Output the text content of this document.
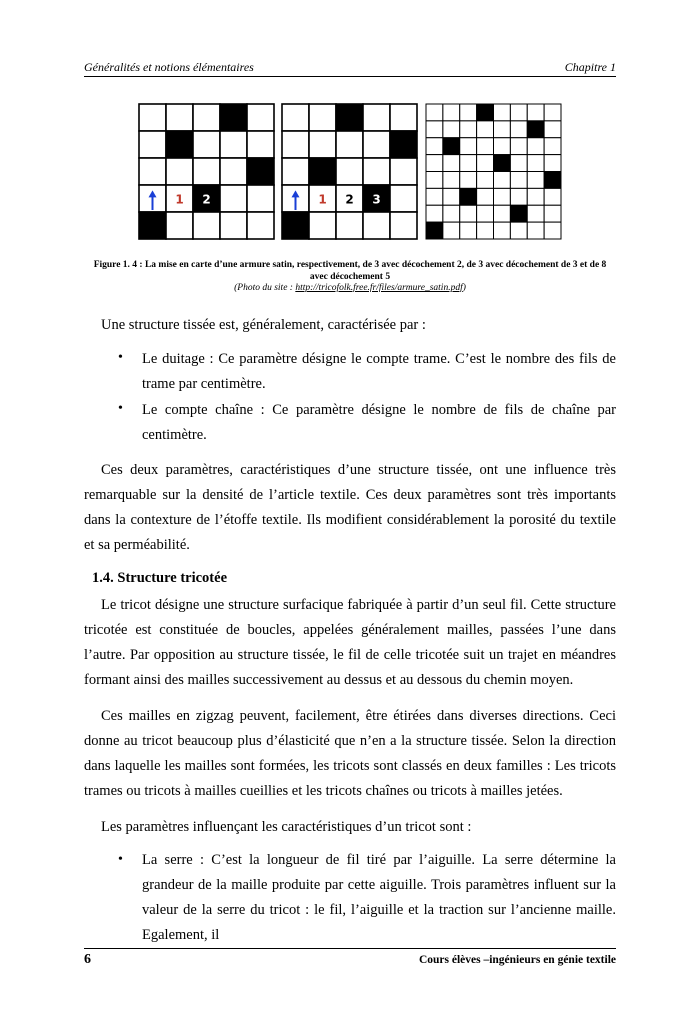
Généralités et notions élémentaires	Chapitre 1
1 2	1 2 3
Figure 1. 4 : La mise en carte d’une armure satin, respectivement, de 3 avec décochement 2, de 3 avec décochement de 3 et de 8 avec décochement 5
(Photo du site : http://tricofolk.free.fr/files/armure_satin.pdf)
Une structure tissée est, généralement, caractérisée par :
• Le duitage : Ce paramètre désigne le compte trame. C’est le nombre des fils de trame par centimètre.
• Le compte chaîne : Ce paramètre désigne le nombre de fils de chaîne par centimètre.
Ces deux paramètres, caractéristiques d’une structure tissée, ont une influence très remarquable sur la densité de l’article textile. Ces deux paramètres sont très importants dans la contexture de l’étoffe textile. Ils modifient considérablement la porosité du textile et sa perméabilité.
1.4. Structure tricotée
Le tricot désigne une structure surfacique fabriquée à partir d’un seul fil. Cette structure tricotée est constituée de boucles, appelées généralement mailles, passées l’une dans l’autre. Par opposition au structure tissée, le fil de celle tricotée suit un trajet en méandres formant ainsi des mailles successivement au dessus et au dessous du chemin moyen.
Ces mailles en zigzag peuvent, facilement, être étirées dans diverses directions. Ceci donne au tricot beaucoup plus d’élasticité que n’en a la structure tissée. Selon la direction dans laquelle les mailles sont formées, les tricots sont classés en deux familles : Les tricots trames ou tricots à mailles cueillies et les tricots chaînes ou tricots à mailles jetées.
Les paramètres influençant les caractéristiques d’un tricot sont :
• La serre : C’est la longueur de fil tiré par l’aiguille. La serre détermine la grandeur de la maille produite par cette aiguille. Trois paramètres influent sur la valeur de la serre du tricot : le fil, l’aiguille et la traction sur l’ancienne maille. Egalement, il
6	Cours élèves –ingénieurs en génie textile
